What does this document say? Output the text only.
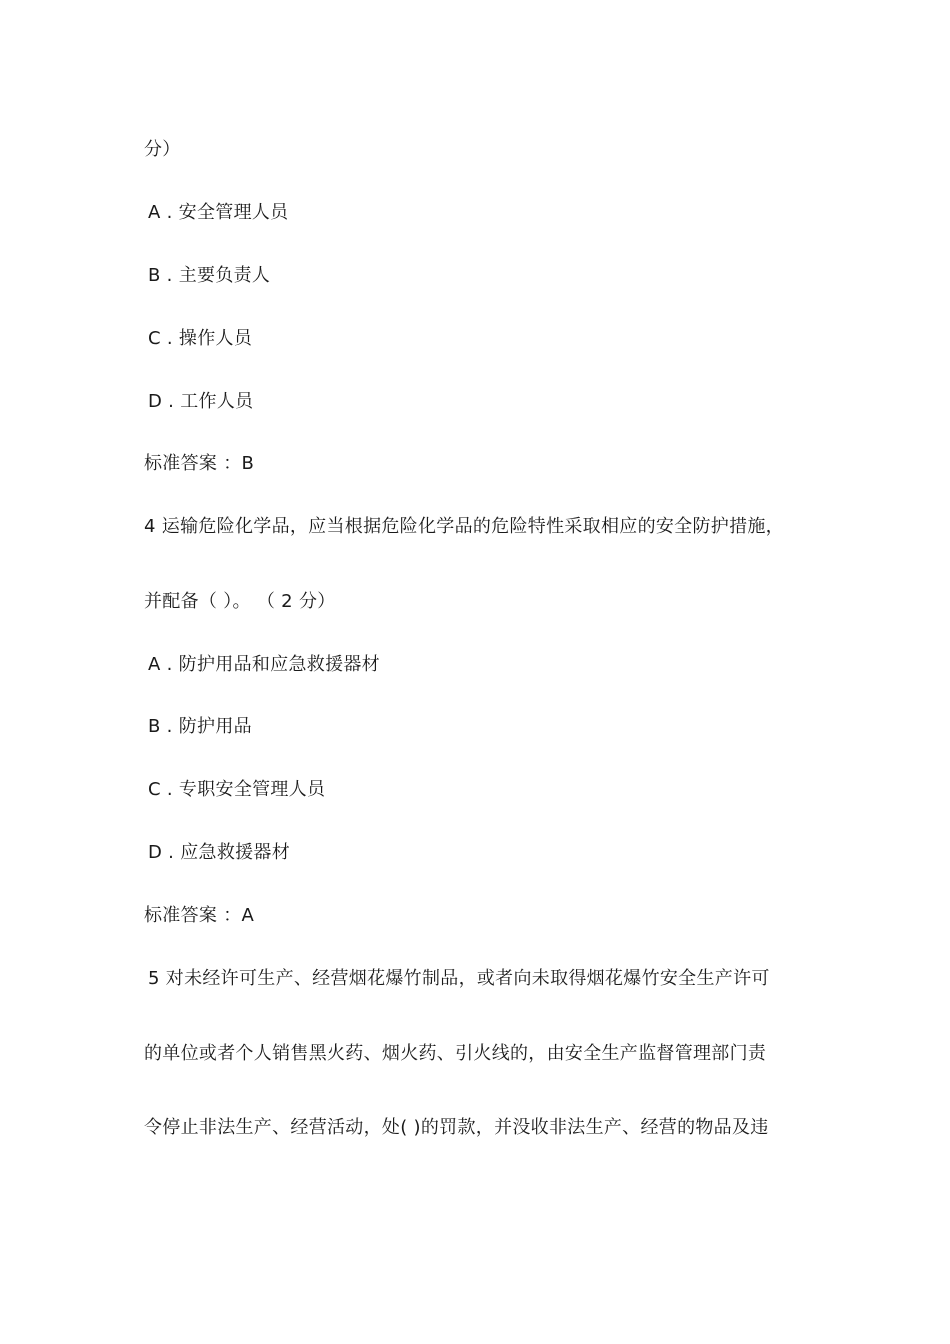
分）
A . 安全管理人员
B . 主要负责人
C . 操作人员
D . 工作人员
标准答案 ：B
4 运输危险化学品，应当根据危险化学品的危险特性采取相应的安全防护措施，
并配备（ ）。 （ 2 分）
A . 防护用品和应急救援器材
B . 防护用品
C . 专职安全管理人员
D . 应急救援器材
标准答案 ：A
5 对未经许可生产、经营烟花爆竹制品，或者向未取得烟花爆竹安全生产许可
的单位或者个人销售黑火药、烟火药、引火线的，由安全生产监督管理部门责
令停止非法生产、经营活动，处( )的罚款，并没收非法生产、经营的物品及违
